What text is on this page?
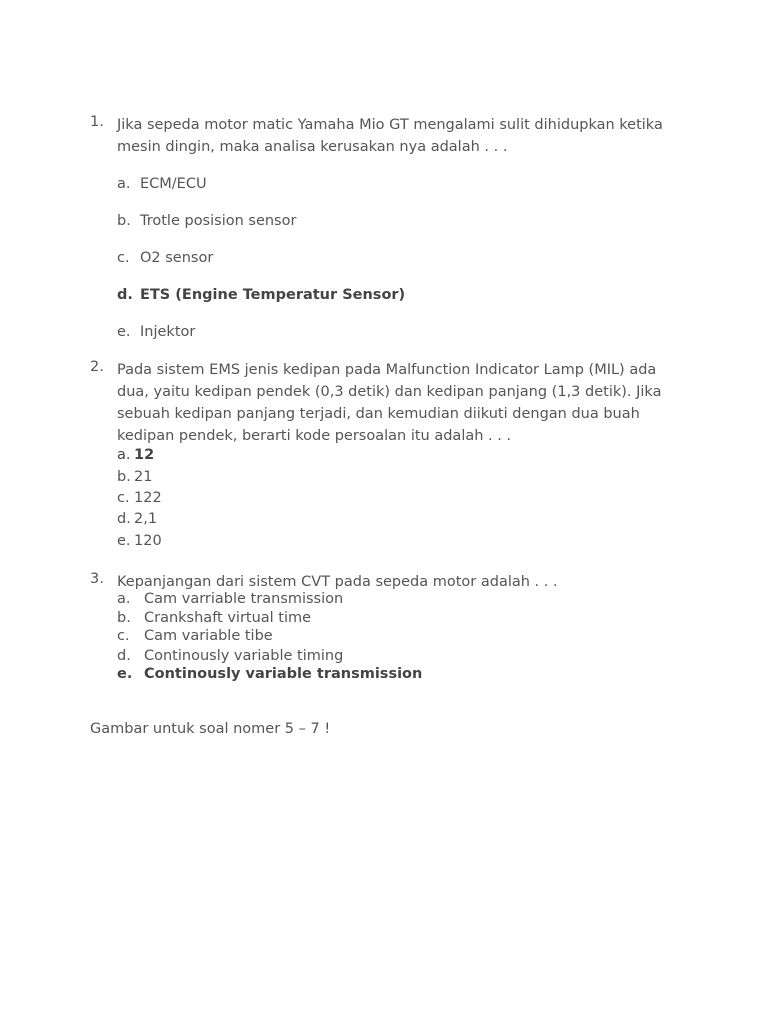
1. Jika sepeda motor matic Yamaha Mio GT mengalami sulit dihidupkan ketika mesin dingin, maka analisa kerusakan nya adalah . . .
a. ECM/ECU
b. Trotle posision sensor
c. O2 sensor
d. ETS (Engine Temperatur Sensor)
e. Injektor
2. Pada sistem EMS jenis kedipan pada Malfunction Indicator Lamp (MIL) ada dua, yaitu kedipan pendek (0,3 detik) dan kedipan panjang (1,3 detik). Jika sebuah kedipan panjang terjadi, dan kemudian diikuti dengan dua buah kedipan pendek, berarti kode persoalan itu adalah . . .
a. 12
b. 21
c. 122
d. 2,1
e. 120
3. Kepanjangan dari sistem CVT pada sepeda motor adalah . . .
a. Cam varriable transmission
b. Crankshaft virtual time
c. Cam variable tibe
d. Continously variable timing
e. Continously variable transmission
Gambar untuk soal nomer 5 – 7 !
